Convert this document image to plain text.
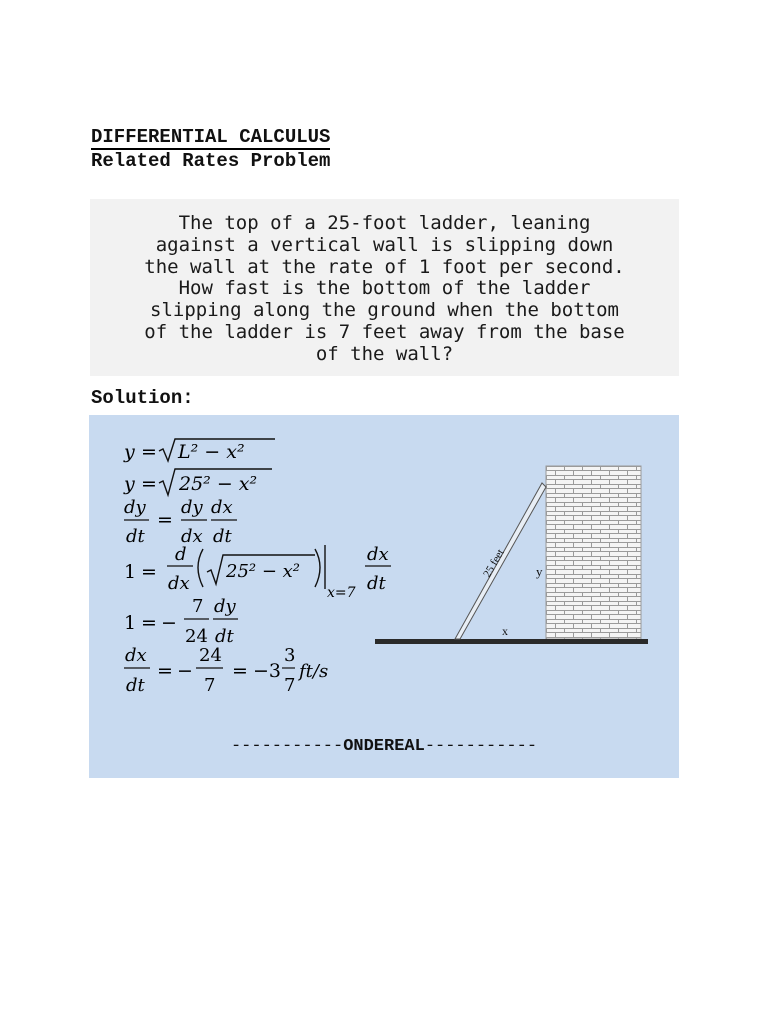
DIFFERENTIAL CALCULUS
Related Rates Problem
The top of a 25-foot ladder, leaning
against a vertical wall is slipping down
the wall at the rate of 1 foot per second.
How fast is the bottom of the ladder
slipping along the ground when the bottom
of the ladder is 7 feet away from the base
of the wall?
Solution:
y = L² − x²
y = 25² − x²
dy
dt
=
dy
dx
dx
dt
1 =
d
dx
25² − x²
x=7
dx
dt
1 = −
7
24
dy
dt
dx
dt
= −
24
7
= −3
3
7
ft/s
25 feet
x
y
-----------ONDEREAL-----------
